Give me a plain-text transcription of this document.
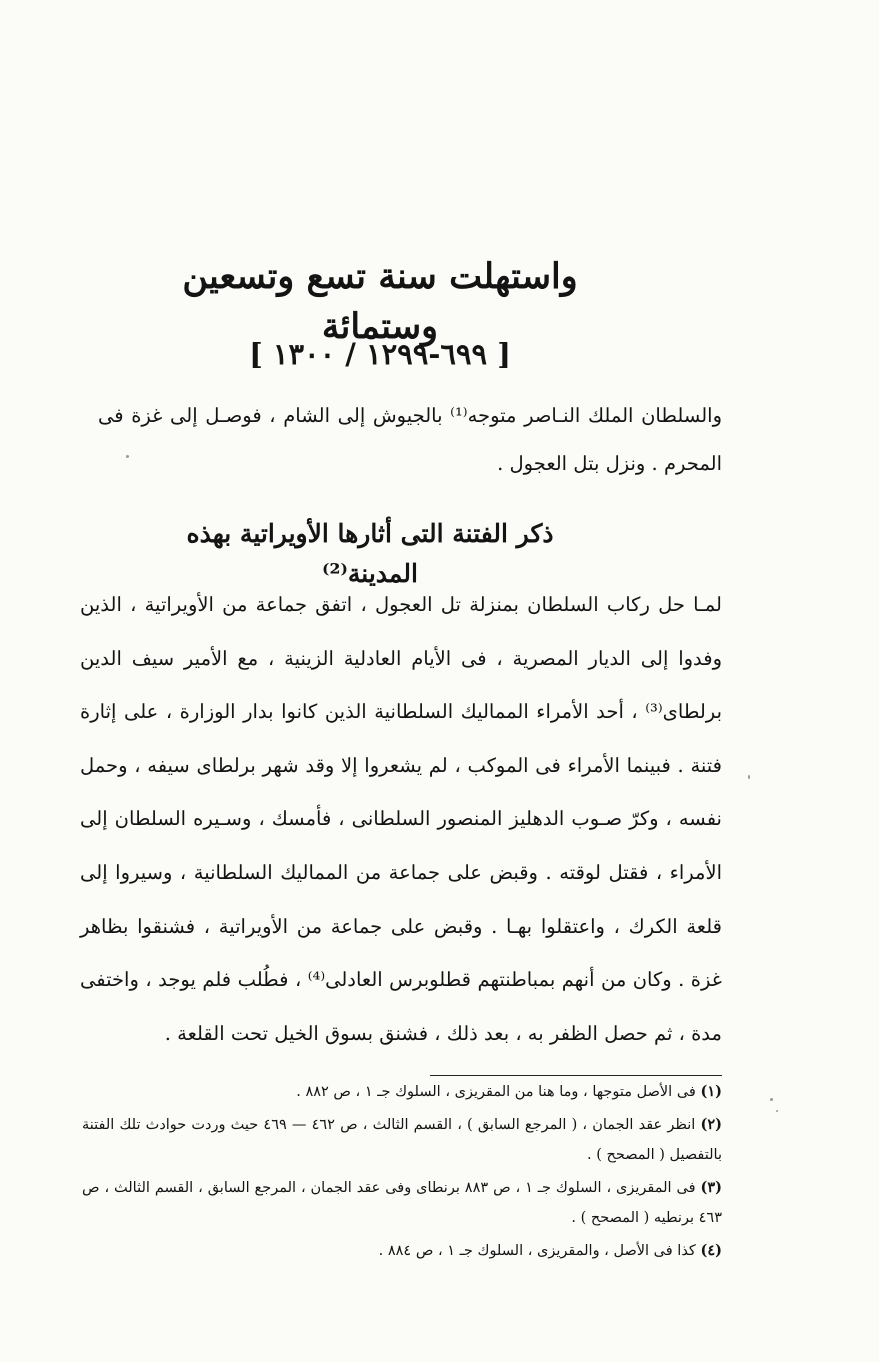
واستهلت سنة تسع وتسعين وستمائة
[ ٦٩٩-١٢٩٩ / ١٣٠٠ ]
والسلطان الملك النـاصر متوجه⁽¹⁾ بالجيوش إلى الشام ، فوصـل إلى غزة فى المحرم . ونزل بتل العجول .
ذكر الفتنة التى أثارها الأويراتية بهذه المدينة⁽²⁾
لمـا حل ركاب السلطان بمنزلة تل العجول ، اتفق جماعة من الأويراتية ، الذين وفدوا إلى الديار المصرية ، فى الأيام العادلية الزينية ، مع الأمير سيف الدين برلطاى⁽³⁾ ، أحد الأمراء المماليك السلطانية الذين كانوا بدار الوزارة ، على إثارة فتنة . فبينما الأمراء فى الموكب ، لم يشعروا إلا وقد شهر برلطاى سيفه ، وحمل نفسه ، وكرّ صـوب الدهليز المنصور السلطانى ، فأمسك ، وسـيره السلطان إلى الأمراء ، فقتل لوقته . وقبض على جماعة من المماليك السلطانية ، وسيروا إلى قلعة الكرك ، واعتقلوا بهـا . وقبض على جماعة من الأويراتية ، فشنقوا بظاهر غزة . وكان من أنهم بمباطنتهم قطلوبرس العادلى⁽⁴⁾ ، فطُلب فلم يوجد ، واختفى مدة ، ثم حصل الظفر به ، بعد ذلك ، فشنق بسوق الخيل تحت القلعة .

(١) فى الأصل متوجها ، وما هنا من المقريزى ، السلوك جـ ١ ، ص ٨٨٢ .

(٢) انظر عقد الجمان ، ( المرجع السابق ) ، القسم الثالث ، ص ٤٦٢ — ٤٦٩ حيث وردت حوادث تلك الفتنة بالتفصيل ( المصحح ) .

(٣) فى المقريزى ، السلوك جـ ١ ، ص ٨٨٣ برنطاى وفى عقد الجمان ، المرجع السابق ، القسم الثالث ، ص ٤٦٣ برنطيه ( المصحح ) .

(٤) كذا فى الأصل ، والمقريزى ، السلوك جـ ١ ، ص ٨٨٤ .
